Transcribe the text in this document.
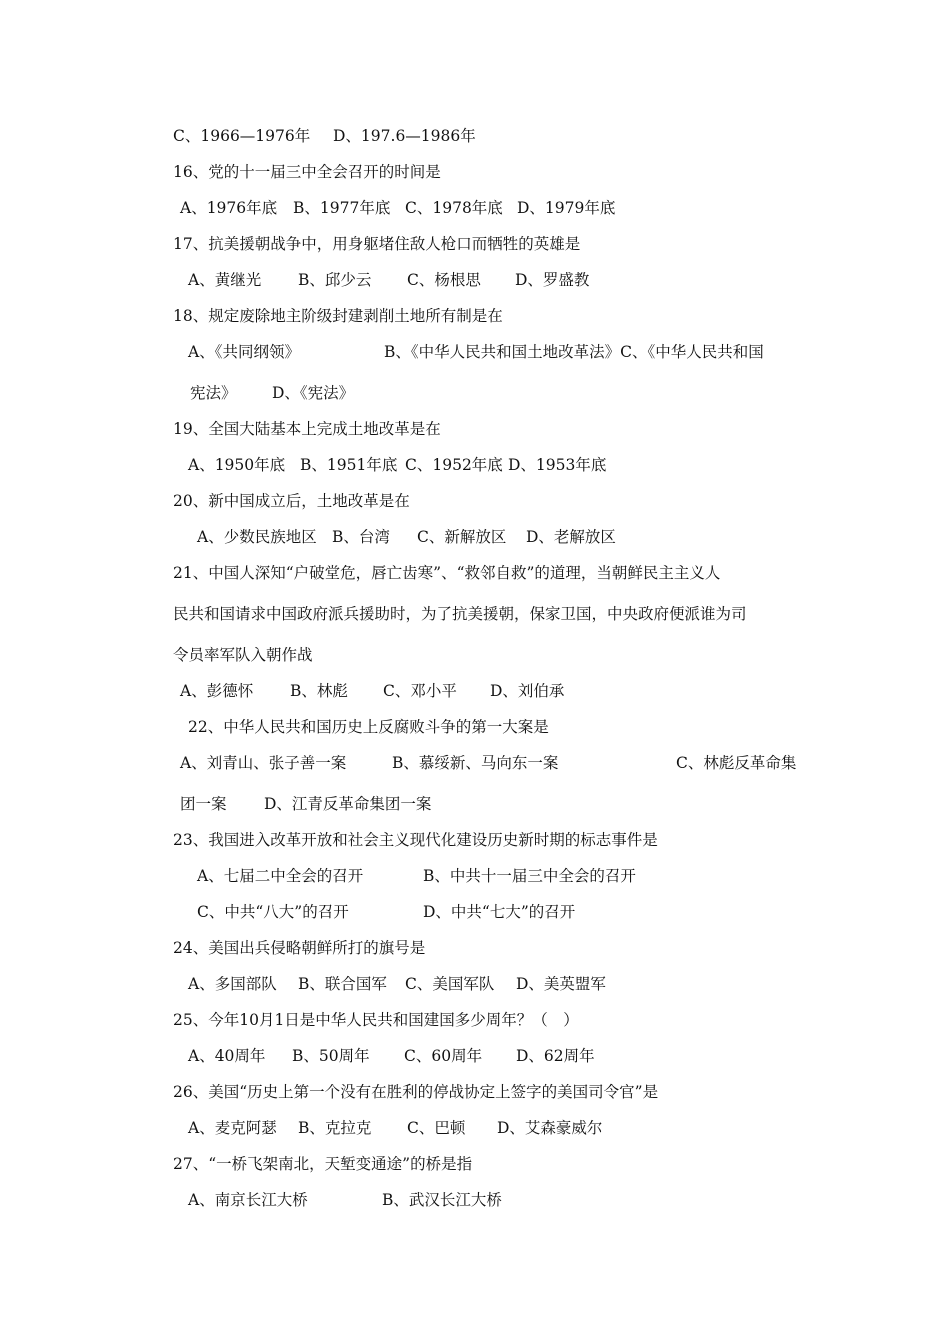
C、1966—1976年 D、197.6—1986年
16、党的十一届三中全会召开的时间是
A、1976年底 B、1977年底 C、1978年底 D、1979年底
17、抗美援朝战争中，用身躯堵住敌人枪口而牺牲的英雄是
A、黄继光 B、邱少云 C、杨根思 D、罗盛教
18、规定废除地主阶级封建剥削土地所有制是在
A、《共同纲领》	B、《中华人民共和国土地改革法》C、《中华人民共和国
宪法》 D、《宪法》
19、全国大陆基本上完成土地改革是在
A、1950年底 B、1951年底 C、1952年底 D、1953年底
20、新中国成立后，土地改革是在
A、少数民族地区 B、台湾 C、新解放区 D、老解放区
21、中国人深知“户破堂危，唇亡齿寒”、“救邻自救”的道理，当朝鲜民主主义人
民共和国请求中国政府派兵援助时，为了抗美援朝，保家卫国，中央政府便派谁为司
令员率军队入朝作战
A、彭德怀 B、林彪 C、邓小平 D、刘伯承
22、中华人民共和国历史上反腐败斗争的第一大案是
A、刘青山、张子善一案	B、慕绥新、马向东一案	C、林彪反革命集
团一案 D、江青反革命集团一案
23、我国进入改革开放和社会主义现代化建设历史新时期的标志事件是
A、七届二中全会的召开	B、中共十一届三中全会的召开
C、中共“八大”的召开	D、中共“七大”的召开
24、美国出兵侵略朝鲜所打的旗号是
A、多国部队 B、联合国军 C、美国军队 D、美英盟军
25、今年10月1日是中华人民共和国建国多少周年？（　）
A、40周年 B、50周年 C、60周年 D、62周年
26、美国“历史上第一个没有在胜利的停战协定上签字的美国司令官”是
A、麦克阿瑟 B、克拉克 C、巴顿 D、艾森豪威尔
27、“一桥飞架南北，天堑变通途”的桥是指
A、南京长江大桥	B、武汉长江大桥
